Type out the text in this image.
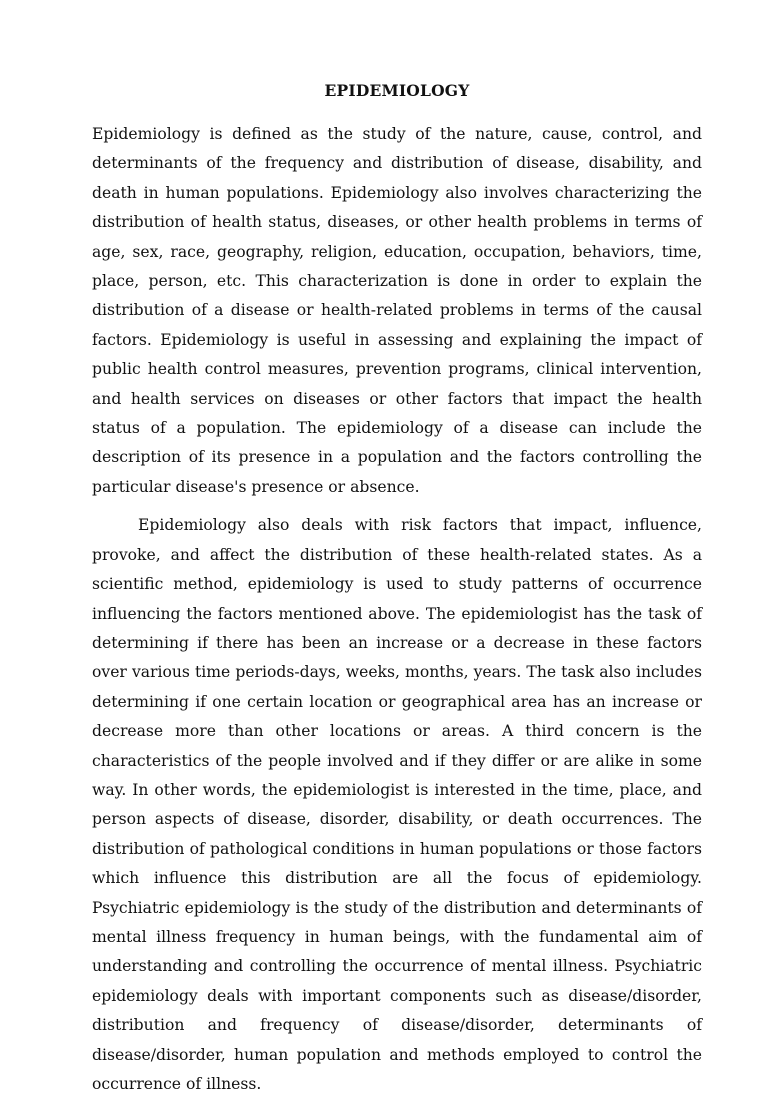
EPIDEMIOLOGY

Epidemiology is defined as the study of the nature, cause, control, and determinants of the frequency and distribution of disease, disability, and death in human populations. Epidemiology also involves characterizing the distribution of health status, diseases, or other health problems in terms of age, sex, race, geography, religion, education, occupation, behaviors, time, place, person, etc. This characterization is done in order to explain the distribution of a disease or health-related problems in terms of the causal factors. Epidemiology is useful in assessing and explaining the impact of public health control measures, prevention programs, clinical intervention, and health services on diseases or other factors that impact the health status of a population. The epidemiology of a disease can include the description of its presence in a population and the factors controlling the particular disease's presence or absence.

Epidemiology also deals with risk factors that impact, influence, provoke, and affect the distribution of these health-related states. As a scientific method, epidemiology is used to study patterns of occurrence influencing the factors mentioned above. The epidemiologist has the task of determining if there has been an increase or a decrease in these factors over various time periods-days, weeks, months, years. The task also includes determining if one certain location or geographical area has an increase or decrease more than other locations or areas. A third concern is the characteristics of the people involved and if they differ or are alike in some way. In other words, the epidemiologist is interested in the time, place, and person aspects of disease, disorder, disability, or death occurrences. The distribution of pathological conditions in human populations or those factors which influence this distribution are all the focus of epidemiology. Psychiatric epidemiology is the study of the distribution and determinants of mental illness frequency in human beings, with the fundamental aim of understanding and controlling the occurrence of mental illness. Psychiatric epidemiology deals with important components such as disease/disorder, distribution and frequency of disease/disorder, determinants of disease/disorder, human population and methods employed to control the occurrence of illness.
